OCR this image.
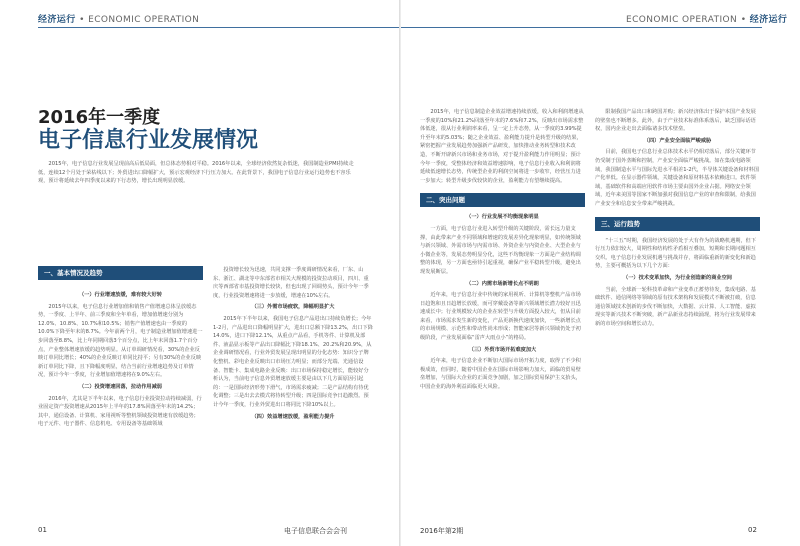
经济运行 • ECONOMIC OPERATION
2016年一季度
电子信息行业发展情况

2015年，电子信息行业发展呈现前高后低局面，但总体态势相对平稳。2016年以来，全球经济依然复杂低迷，我国制造业PMI持续走低，连续12个月处于荣枯线以下；外贸进出口降幅扩大，预示宏观经济下行压力加大。在此背景下，我国电子信息行业运行趋势也不容乐观，预计将延续去年四季度以来的下行态势，增长出现明显放缓。

一、基本情况及趋势

（一）行业增速放缓，难有较大好转

2015年以来，电子信息行业增加值和销售产值增速总体呈放缓态势，一季度、上半年、前三季度和全年单看，增加值增速分别为12.0%、10.8%、10.7%和10.5%；销售产值增速也由一季度的10.0%下降至年末的8.7%。今年前两个月，电子制造业增加值增速进一步回落至8.8%，比上年同期回落3个百分点，比上年末回落1.7个百分点，产业整体增速放缓的趋势明显。从订单调研情况看，30%的企业反映订单同比增长；40%的企业反映订单同比持平；另有30%的企业反映新订单同比下降，且下降幅度明显，结合当前行业增速趋势及订单情况，预计今年一季度，行业增加值增速将在9.0%左右。

（二）投资增速回落，拉动作用减弱

2016年，尤其是下半年以来，电子信息行业投资拉动持续减弱，行业固定资产投资增速从2015年上半年的17.8%回落至年末的14.2%；其中，通信设备、计算机、家用视听等整机领域投资增速有放缓趋势；电子元件、电子器件、信息机电、专用设备等基础领域

投资增长较为迅速，共同支撑一季度调研情况来看，厂东、山东、浙江、湖北等中东部省市相关大规模的投资拉动项目，四川、重庆等西部省市基投资增长较快，但也出现了回调势头，预计今年一季度，行业投资增速将进一步放缓，增速在10%左右。

（三）外需市场疲软，降幅明显扩大

2015年下半年以来，我国电子信息产品进出口持续负增长；今年1-2月，产品进出口降幅明显扩大，进出口总额下降13.2%，出口下降14.0%，进口下降12.1%，从重点产品看，手机等件、计算机及部件、液晶显示板等产品出口降幅比下降18.1%、20.2%和20.9%，从企业调研情况看，行业外贸发展呈现出明显的分化态势：知识分子牌化整机、彩电企业反映出口市场压力明显；而部分光端、光通信设备、智能卡、集成电路企业反映：出口市场保持稳定增长，能较好分析认为，当前电子信息外贸增速放缓主要是由以下几方面原因引起的：一是国际经济形势下滑气，市场需求疲减；二是产品结构有待优化调整；三是出去去模式将待转型升级；四是国际竞争日趋激烈。预计今年一季度，行业外贸进出口将同比下降10%以上。

（四）效益增速放缓，盈利能力提升

01	电子信息联合会会刊
ECONOMIC OPERATION • 经济运行

2015年，电子信息制造企业效益增速持续放缓，收入和利润增速从一季度的10%和21.2%回落至年末的7.6%和7.2%，反映出市场需求整体低迷，很从行业利润率来看，呈一定上升态势，从一季度的3.99%提升至年末的5.03%；随之企业效益、盈利能力提升是转型升级的结果，紧密把握产业发展趋势加强新产品研发，加快推动业务转型和技术改造，不断开辟新兴市场和业务市场，对于提升盈利能力作用明显；预计今年一季度，受整体经济和效益增速影响，电子信息行业收入和利润将延续低速增长态势，传统型企业的利润空间将进一步收窄，经营压力进一步加大；转型升级步伐较快的企业，盈利能力有望继续提高。

二、突出问题

（一）行业发展不均衡现象明显

一方面，电子信息行业进入转型升级的关键阶段，需长远力量支撑，由此带来产业不同领域和增速的发展差异化现象明显，如传统领域与新兴领域、外需市场与内需市场、外资企业与内资企业、大型企业与小微企业等，发展态势明显分化，这些不均衡现象一方面是产业结构调整的体现，另一方面也亟待引起重视，确保产业平稳转型升级，避免出现发展断层。

（二）内需市场新增长点不明朗

近年来，电子信息行业中传统的家用视听、计算机等整机产品市场日趋饱和且日趋增长放缓，而可穿戴设备等新兴领域增长潜力较好且迅速成长中；行业规模较大的企业在转型与升级方面投入较大，但从目前来看，市场需求发生新的变化，产品更新换代速度加快，一些新增长点的市场规模、示范性和带动性尚未形成；智能家居等新兴领域仍处于初级阶段，产业发展面临“雷声大雨点小”的格局。

（三）外贸市场开拓难度加大

近年来，电子信息企业不断加大国际市场开拓力度，取得了不少积极成效，但同时，随着中国企业在国际市场影响力加大，面临的贸易壁垒增加，与国际大企业的正面竞争加剧，加之国际贸易保护主义抬头，中国企业的海外利益面临更大风险。

限制我国产品出口和跨国并购；新兴经济体出于保护本国产业发展的壁垒也不断增多。此外，由于产业技术标准体系落后，缺乏国际话语权，国内企业走出去面临诸多技术壁垒。

（四）产业安全面临严峻威胁

目前，我国电子信息行业总体技术水平仍相对落后，部分关键环节仍受制于国外垄断和控制，产业安全面临严峻挑战。如在集成电路领域，我国制造水平与国际先进水平相差1-2代，半导体关键设备和材料国产化率低。在显示器件领域，关键设备和原材料基本依赖进口。软件领域，基础软件和高端应用软件市场主要由国外企业占据。网络安全领域，近年来美国等国家不断加强对我国信息产业的审查和限制，给我国产业安全和信息安全带来严峻挑战。

三、运行趋势

“十三五”时期，我国经济发展的处于大有作为的战略机遇期，但下行压力依旧较大，周期性和结构性矛盾相互叠加，短期和长期问题相互交织。电子信息行业发展机遇与挑战并存，将面临重新的新变化和新趋势，主要可概括为以下几个方面：

（一）技术变革加快，为行业创造新的商业空间

当前，全球新一轮科技革命和产业变革正蓄势待发，集成电路、基础软件、通信网络等领域的原有技术架构和发展模式不断被打破，信息通信领域技术创新的步伐不断加快，大数据、云计算、人工智能、虚拟现实等新兴技术不断突破，新产品新业态持续涌现，将为行业发展带来新的市场空间和增长动力。

2016年第2期	02
